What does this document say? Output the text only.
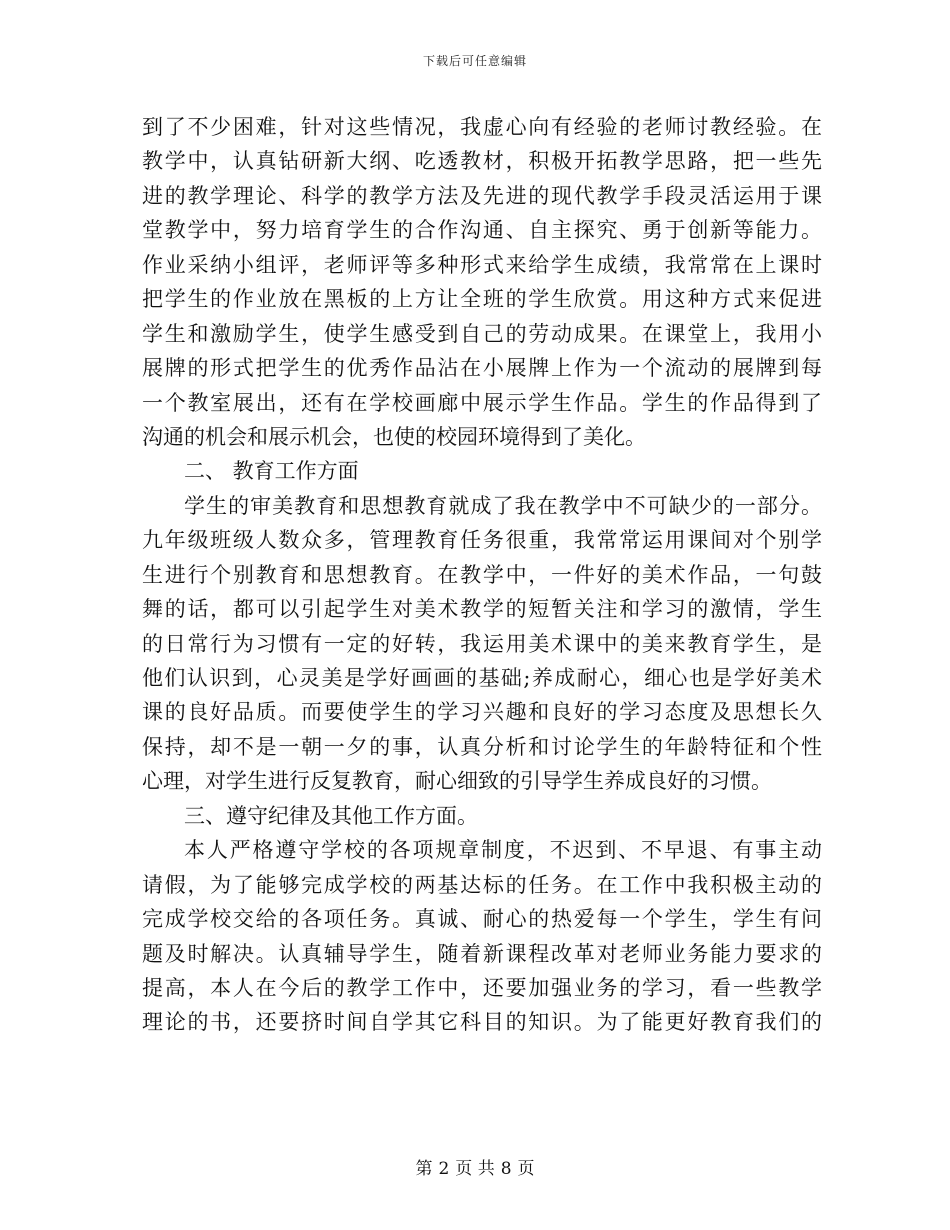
下载后可任意编辑
到了不少困难，针对这些情况，我虚心向有经验的老师讨教经验。在
教学中，认真钻研新大纲、吃透教材，积极开拓教学思路，把一些先
进的教学理论、科学的教学方法及先进的现代教学手段灵活运用于课
堂教学中，努力培育学生的合作沟通、自主探究、勇于创新等能力。
作业采纳小组评，老师评等多种形式来给学生成绩，我常常在上课时
把学生的作业放在黑板的上方让全班的学生欣赏。用这种方式来促进
学生和激励学生，使学生感受到自己的劳动成果。在课堂上，我用小
展牌的形式把学生的优秀作品沾在小展牌上作为一个流动的展牌到每
一个教室展出，还有在学校画廊中展示学生作品。学生的作品得到了
沟通的机会和展示机会，也使的校园环境得到了美化。
二、 教育工作方面
学生的审美教育和思想教育就成了我在教学中不可缺少的一部分。
九年级班级人数众多，管理教育任务很重，我常常运用课间对个别学
生进行个别教育和思想教育。在教学中，一件好的美术作品，一句鼓
舞的话，都可以引起学生对美术教学的短暂关注和学习的激情，学生
的日常行为习惯有一定的好转，我运用美术课中的美来教育学生，是
他们认识到，心灵美是学好画画的基础;养成耐心，细心也是学好美术
课的良好品质。而要使学生的学习兴趣和良好的学习态度及思想长久
保持，却不是一朝一夕的事，认真分析和讨论学生的年龄特征和个性
心理，对学生进行反复教育，耐心细致的引导学生养成良好的习惯。
三、遵守纪律及其他工作方面。
本人严格遵守学校的各项规章制度，不迟到、不早退、有事主动
请假，为了能够完成学校的两基达标的任务。在工作中我积极主动的
完成学校交给的各项任务。真诚、耐心的热爱每一个学生，学生有问
题及时解决。认真辅导学生，随着新课程改革对老师业务能力要求的
提高，本人在今后的教学工作中，还要加强业务的学习，看一些教学
理论的书，还要挤时间自学其它科目的知识。为了能更好教育我们的
第 2 页 共 8 页
